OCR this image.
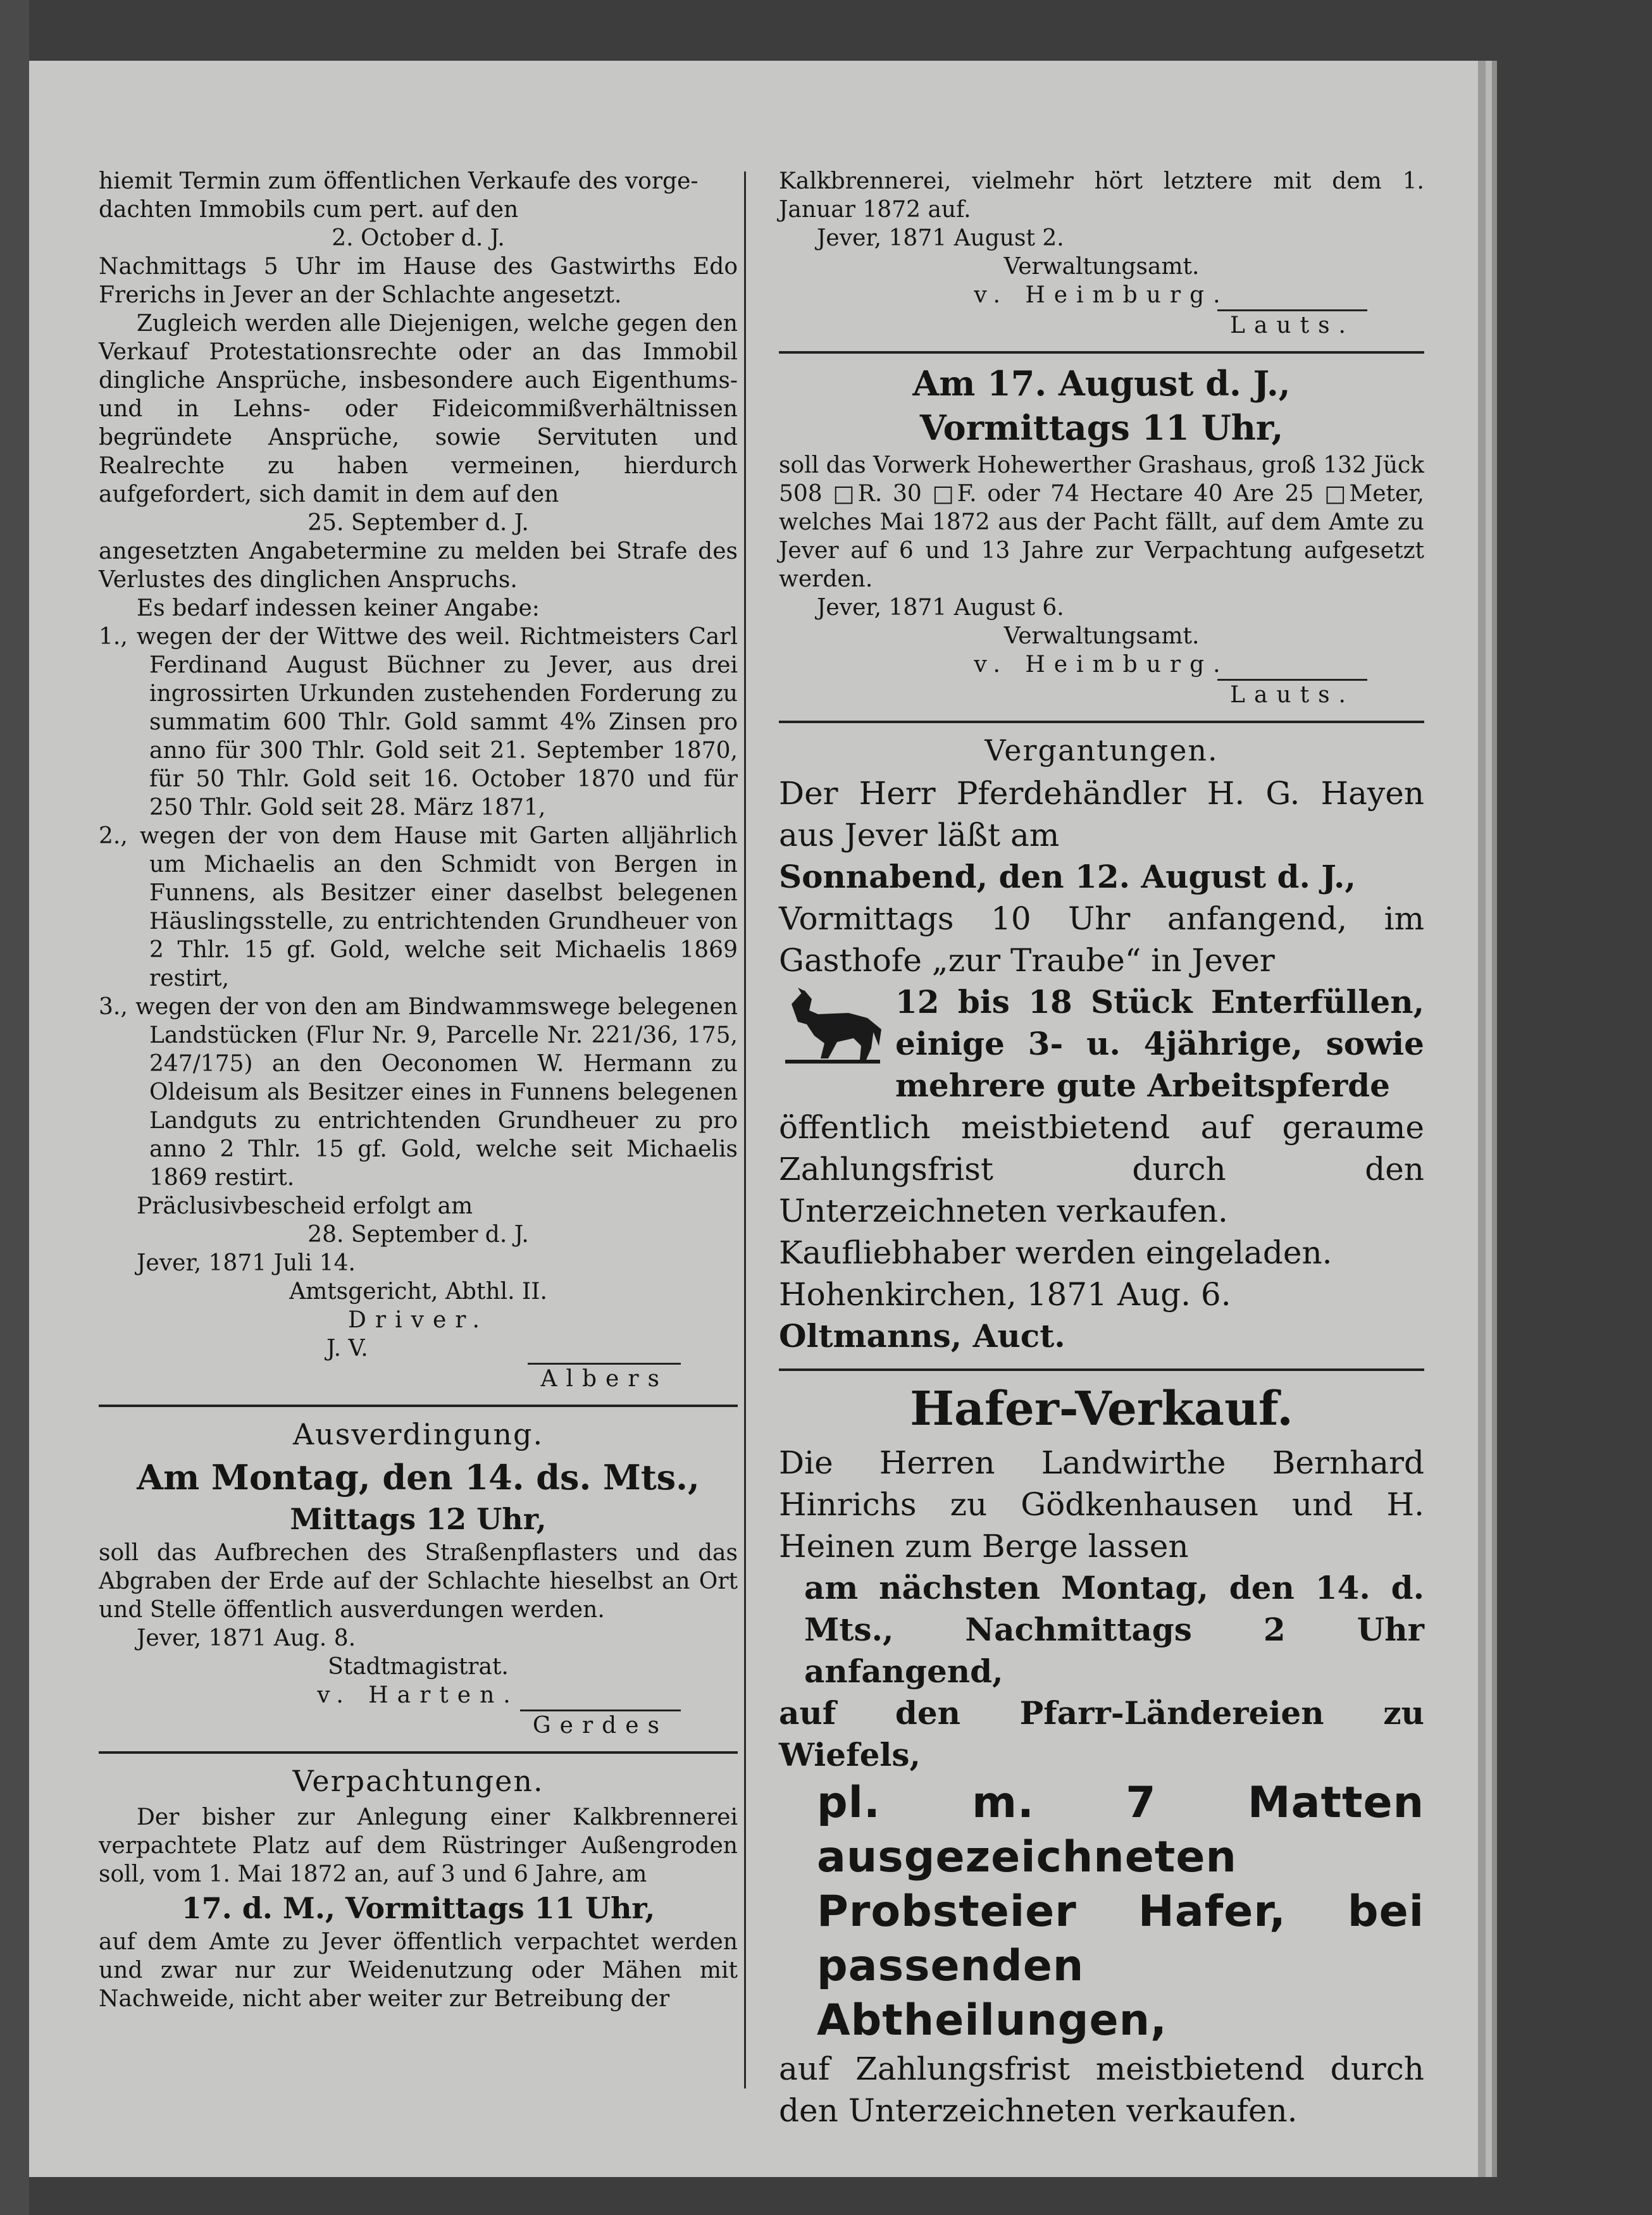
hiemit Termin zum öffentlichen Verkaufe des vorge-

dachten Immobils cum pert. auf den

2. October d. J.

Nachmittags 5 Uhr im Hause des Gastwirths Edo Frerichs in Jever an der Schlachte angesetzt.

Zugleich werden alle Diejenigen, welche gegen den Verkauf Protestationsrechte oder an das Immobil dingliche Ansprüche, insbesondere auch Eigenthums- und in Lehns- oder Fideicommißverhältnissen begründete Ansprüche, sowie Servituten und Realrechte zu haben vermeinen, hierdurch aufgefordert, sich damit in dem auf den

25. September d. J.

angesetzten Angabetermine zu melden bei Strafe des Verlustes des dinglichen Anspruchs.

Es bedarf indessen keiner Angabe:

1., wegen der der Wittwe des weil. Richtmeisters Carl Ferdinand August Büchner zu Jever, aus drei ingrossirten Urkunden zustehenden Forderung zu summatim 600 Thlr. Gold sammt 4% Zinsen pro anno für 300 Thlr. Gold seit 21. September 1870, für 50 Thlr. Gold seit 16. October 1870 und für 250 Thlr. Gold seit 28. März 1871,

2., wegen der von dem Hause mit Garten alljährlich um Michaelis an den Schmidt von Bergen in Funnens, als Besitzer einer daselbst belegenen Häuslingsstelle, zu entrichtenden Grundheuer von 2 Thlr. 15 gf. Gold, welche seit Michaelis 1869 restirt,

3., wegen der von den am Bindwammswege belegenen Landstücken (Flur Nr. 9, Parcelle Nr. 221/36, 175, 247/175) an den Oeconomen W. Hermann zu Oldeisum als Besitzer eines in Funnens belegenen Landguts zu entrichtenden Grundheuer zu pro anno 2 Thlr. 15 gf. Gold, welche seit Michaelis 1869 restirt.

Präclusivbescheid erfolgt am

28. September d. J.

Jever, 1871 Juli 14.

Amtsgericht, Abthl. II.

Driver.

J. V.

Albers

Ausverdingung.

Am Montag, den 14. ds. Mts.,

Mittags 12 Uhr,

soll das Aufbrechen des Straßenpflasters und das Abgraben der Erde auf der Schlachte hieselbst an Ort und Stelle öffentlich ausverdungen werden.

Jever, 1871 Aug. 8.

Stadtmagistrat.

v. Harten.

Gerdes

Verpachtungen.

Der bisher zur Anlegung einer Kalkbrennerei verpachtete Platz auf dem Rüstringer Außengroden soll, vom 1. Mai 1872 an, auf 3 und 6 Jahre, am

17. d. M., Vormittags 11 Uhr,

auf dem Amte zu Jever öffentlich verpachtet werden und zwar nur zur Weidenutzung oder Mähen mit Nachweide, nicht aber weiter zur Betreibung der

Kalkbrennerei, vielmehr hört letztere mit dem 1. Januar 1872 auf.

Jever, 1871 August 2.

Verwaltungsamt.

v. Heimburg.

Lauts.

Am 17. August d. J.,

Vormittags 11 Uhr,

soll das Vorwerk Hohewerther Grashaus, groß 132 Jück 508 □R. 30 □F. oder 74 Hectare 40 Are 25 □Meter, welches Mai 1872 aus der Pacht fällt, auf dem Amte zu Jever auf 6 und 13 Jahre zur Verpachtung aufgesetzt werden.

Jever, 1871 August 6.

Verwaltungsamt.

v. Heimburg.

Lauts.

Vergantungen.

Der Herr Pferdehändler H. G. Hayen aus Jever läßt am

Sonnabend, den 12. August d. J.,

Vormittags 10 Uhr anfangend, im Gasthofe „zur Traube“ in Jever

12 bis 18 Stück Enterfüllen, einige 3- u. 4jährige, sowie mehrere gute Arbeitspferde

öffentlich meistbietend auf geraume Zahlungsfrist durch den Unterzeichneten verkaufen.

Kaufliebhaber werden eingeladen.

Hohenkirchen, 1871 Aug. 6.

Oltmanns, Auct.

Hafer-Verkauf.

Die Herren Landwirthe Bernhard Hinrichs zu Gödkenhausen und H. Heinen zum Berge lassen

am nächsten Montag, den 14. d. Mts., Nachmittags 2 Uhr anfangend,

auf den Pfarr-Ländereien zu Wiefels,

pl. m. 7 Matten ausgezeichneten Probsteier Hafer, bei passenden Abtheilungen,

auf Zahlungsfrist meistbietend durch den Unterzeichneten verkaufen.
